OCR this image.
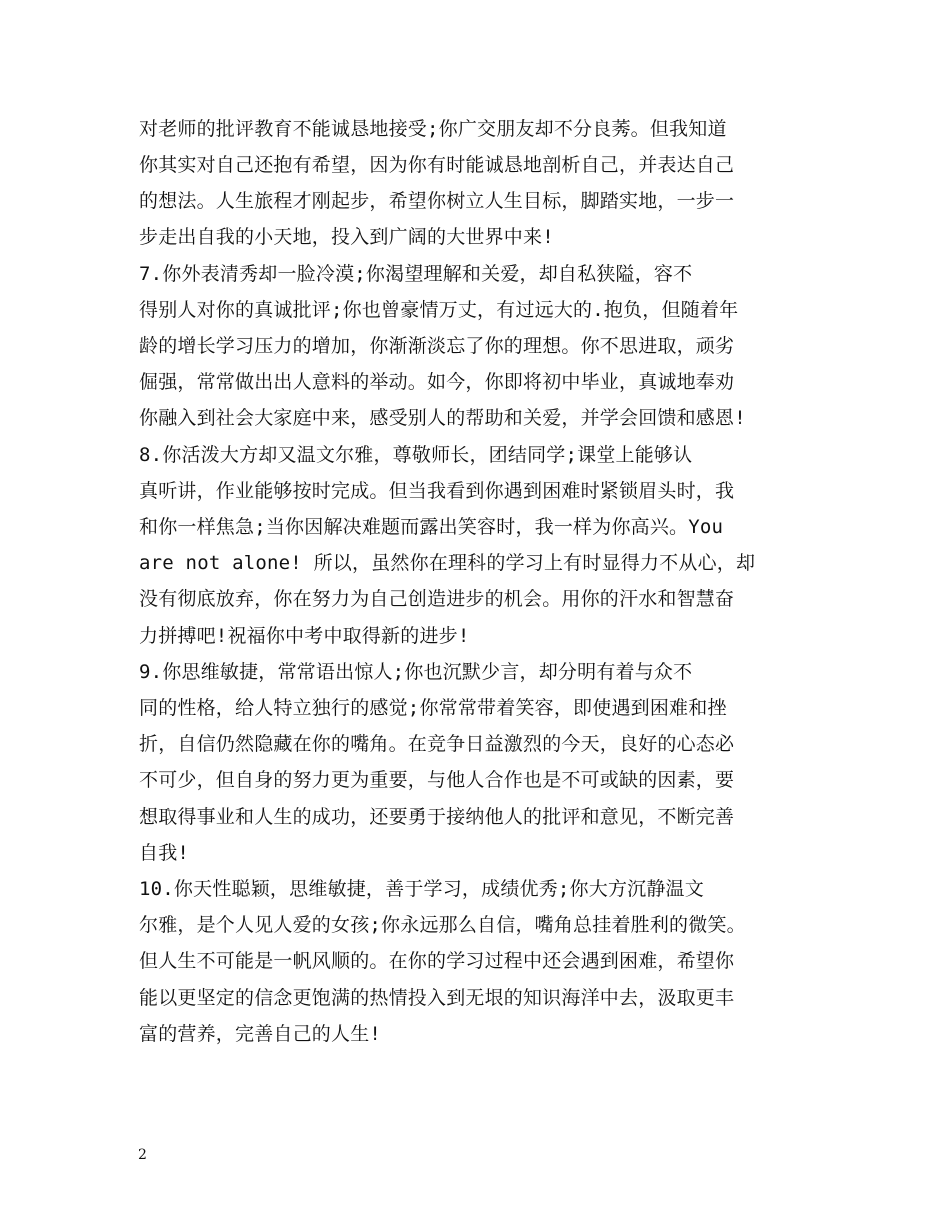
对老师的批评教育不能诚恳地接受;你广交朋友却不分良莠。但我知道
你其实对自己还抱有希望，因为你有时能诚恳地剖析自己，并表达自己
的想法。人生旅程才刚起步，希望你树立人生目标，脚踏实地，一步一
步走出自我的小天地，投入到广阔的大世界中来!
7.你外表清秀却一脸冷漠;你渴望理解和关爱，却自私狭隘，容不
得别人对你的真诚批评;你也曾豪情万丈，有过远大的.抱负，但随着年
龄的增长学习压力的增加，你渐渐淡忘了你的理想。你不思进取，顽劣
倔强，常常做出出人意料的举动。如今，你即将初中毕业，真诚地奉劝
你融入到社会大家庭中来，感受别人的帮助和关爱，并学会回馈和感恩!
8.你活泼大方却又温文尔雅，尊敬师长，团结同学;课堂上能够认
真听讲，作业能够按时完成。但当我看到你遇到困难时紧锁眉头时，我
和你一样焦急;当你因解决难题而露出笑容时，我一样为你高兴。You
are not alone! 所以，虽然你在理科的学习上有时显得力不从心，却
没有彻底放弃，你在努力为自己创造进步的机会。用你的汗水和智慧奋
力拼搏吧!祝福你中考中取得新的进步!
9.你思维敏捷，常常语出惊人;你也沉默少言，却分明有着与众不
同的性格，给人特立独行的感觉;你常常带着笑容，即使遇到困难和挫
折，自信仍然隐藏在你的嘴角。在竞争日益激烈的今天，良好的心态必
不可少，但自身的努力更为重要，与他人合作也是不可或缺的因素，要
想取得事业和人生的成功，还要勇于接纳他人的批评和意见，不断完善
自我!
10.你天性聪颖，思维敏捷，善于学习，成绩优秀;你大方沉静温文
尔雅，是个人见人爱的女孩;你永远那么自信，嘴角总挂着胜利的微笑。
但人生不可能是一帆风顺的。在你的学习过程中还会遇到困难，希望你
能以更坚定的信念更饱满的热情投入到无垠的知识海洋中去，汲取更丰
富的营养，完善自己的人生!
2
